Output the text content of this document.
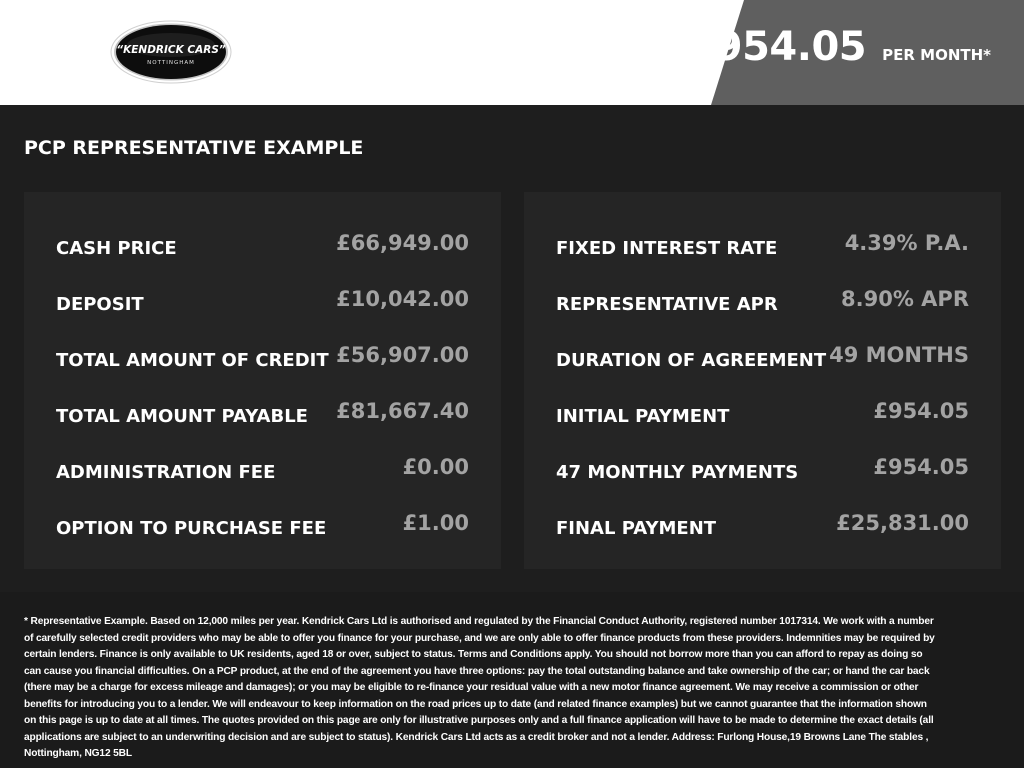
“KENDRICK CARS”
NOTTINGHAM	£954.05 PER MONTH*
PCP REPRESENTATIVE EXAMPLE
CASH PRICE	£66,949.00
DEPOSIT	£10,042.00
TOTAL AMOUNT OF CREDIT £56,907.00
TOTAL AMOUNT PAYABLE £81,667.40
ADMINISTRATION FEE	£0.00
OPTION TO PURCHASE FEE	£1.00
FIXED INTEREST RATE	4.39% P.A.
REPRESENTATIVE APR	8.90% APR
DURATION OF AGREEMENT 49 MONTHS
INITIAL PAYMENT	£954.05
47 MONTHLY PAYMENTS	£954.05
FINAL PAYMENT	£25,831.00

* Representative Example. Based on 12,000 miles per year. Kendrick Cars Ltd is authorised and regulated by the Financial Conduct Authority, registered number 1017314. We work with a number of carefully selected credit providers who may be able to offer you finance for your purchase, and we are only able to offer finance products from these providers. Indemnities may be required by certain lenders. Finance is only available to UK residents, aged 18 or over, subject to status. Terms and Conditions apply. You should not borrow more than you can afford to repay as doing so can cause you financial difficulties. On a PCP product, at the end of the agreement you have three options: pay the total outstanding balance and take ownership of the car; or hand the car back (there may be a charge for excess mileage and damages); or you may be eligible to re-finance your residual value with a new motor finance agreement. We may receive a commission or other benefits for introducing you to a lender. We will endeavour to keep information on the road prices up to date (and related finance examples) but we cannot guarantee that the information shown on this page is up to date at all times. The quotes provided on this page are only for illustrative purposes only and a full finance application will have to be made to determine the exact details (all applications are subject to an underwriting decision and are subject to status). Kendrick Cars Ltd acts as a credit broker and not a lender. Address: Furlong House,19 Browns Lane The stables , Nottingham, NG12 5BL
